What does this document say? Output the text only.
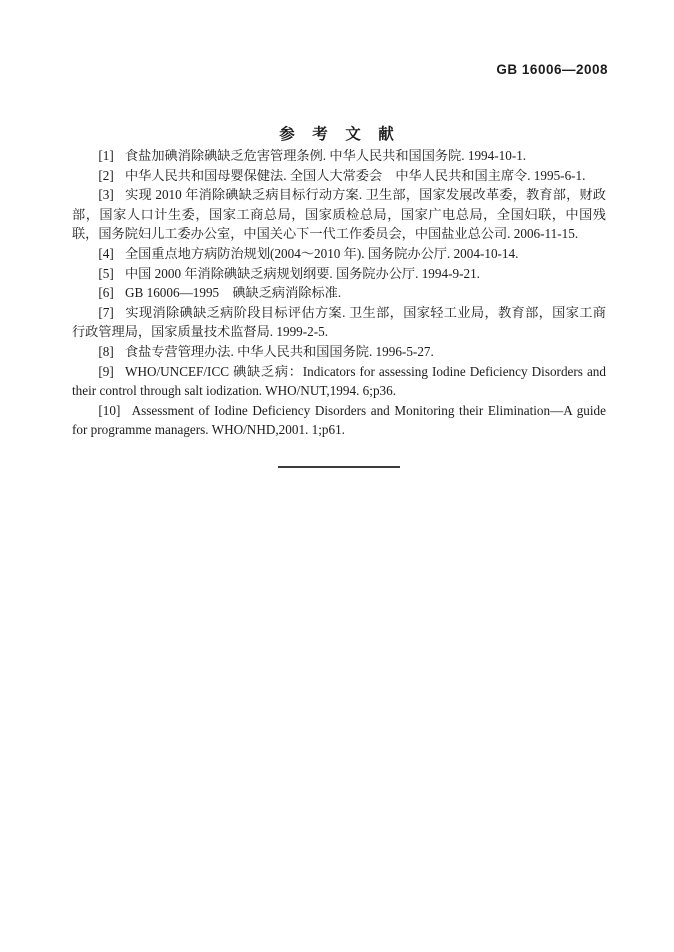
GB 16006—2008
参　考　文　献

[1] 食盐加碘消除碘缺乏危害管理条例. 中华人民共和国国务院. 1994-10-1.

[2] 中华人民共和国母婴保健法. 全国人大常委会　中华人民共和国主席令. 1995-6-1.

[3] 实现 2010 年消除碘缺乏病目标行动方案. 卫生部，国家发展改革委，教育部，财政部，国家人口计生委，国家工商总局，国家质检总局，国家广电总局，全国妇联，中国残联，国务院妇儿工委办公室，中国关心下一代工作委员会，中国盐业总公司. 2006-11-15.

[4] 全国重点地方病防治规划(2004～2010 年). 国务院办公厅. 2004-10-14.

[5] 中国 2000 年消除碘缺乏病规划纲要. 国务院办公厅. 1994-9-21.

[6] GB 16006—1995　碘缺乏病消除标准.

[7] 实现消除碘缺乏病阶段目标评估方案. 卫生部，国家轻工业局，教育部，国家工商行政管理局，国家质量技术监督局. 1999-2-5.

[8] 食盐专营管理办法. 中华人民共和国国务院. 1996-5-27.

[9] WHO/UNCEF/ICC 碘缺乏病：Indicators for assessing Iodine Deficiency Disorders and their control through salt iodization. WHO/NUT,1994. 6;p36.

[10] Assessment of Iodine Deficiency Disorders and Monitoring their Elimination—A guide for programme managers. WHO/NHD,2001. 1;p61.
